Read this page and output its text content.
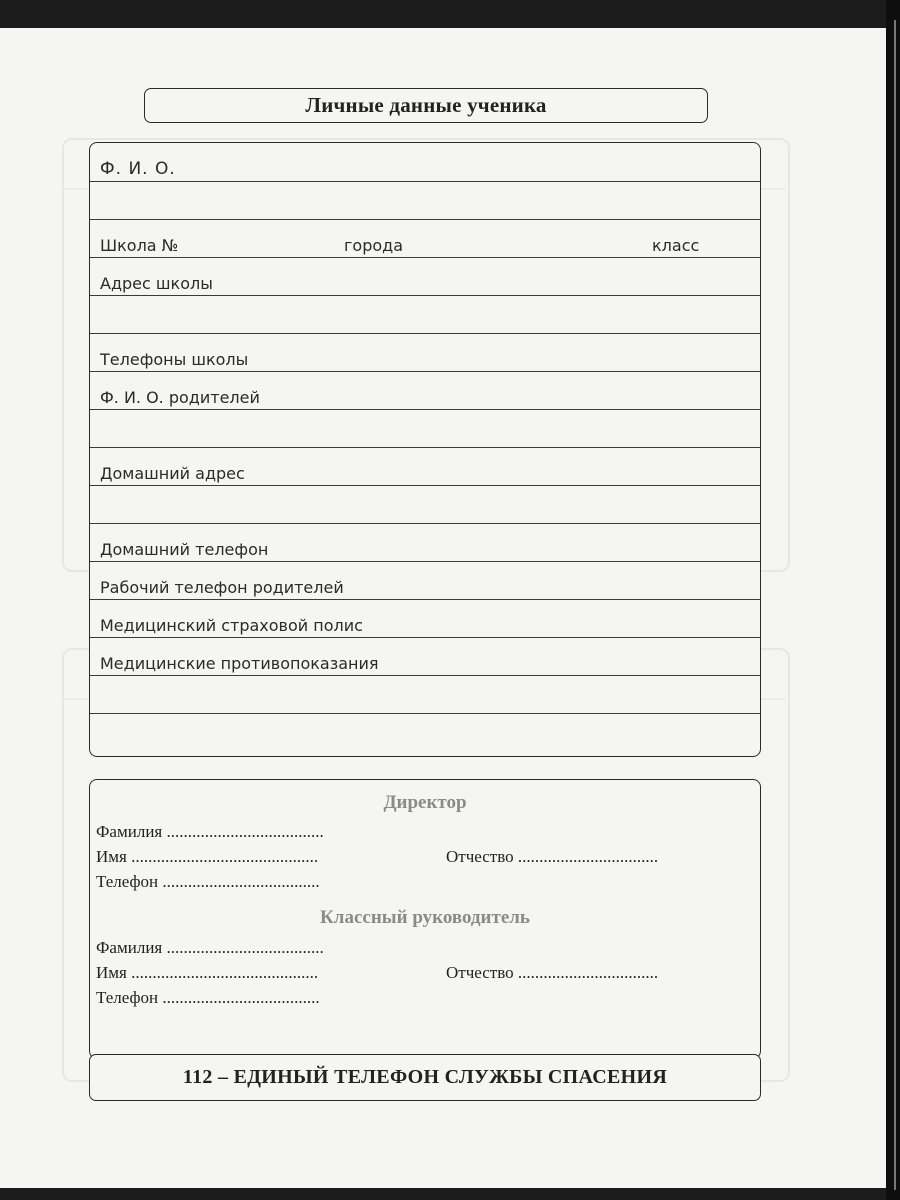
Личные данные ученика
Ф. И. О.
Школа №	города	класс
Адрес школы
Телефоны школы
Ф. И. О. родителей
Домашний адрес
Домашний телефон
Рабочий телефон родителей
Медицинский страховой полис
Медицинские противопоказания
Директор
Фамилия .....................................
Имя ............................................	Отчество .................................
Телефон .....................................
Классный руководитель
Фамилия .....................................
Имя ............................................	Отчество .................................
Телефон .....................................
112 – ЕДИНЫЙ ТЕЛЕФОН СЛУЖБЫ СПАСЕНИЯ
